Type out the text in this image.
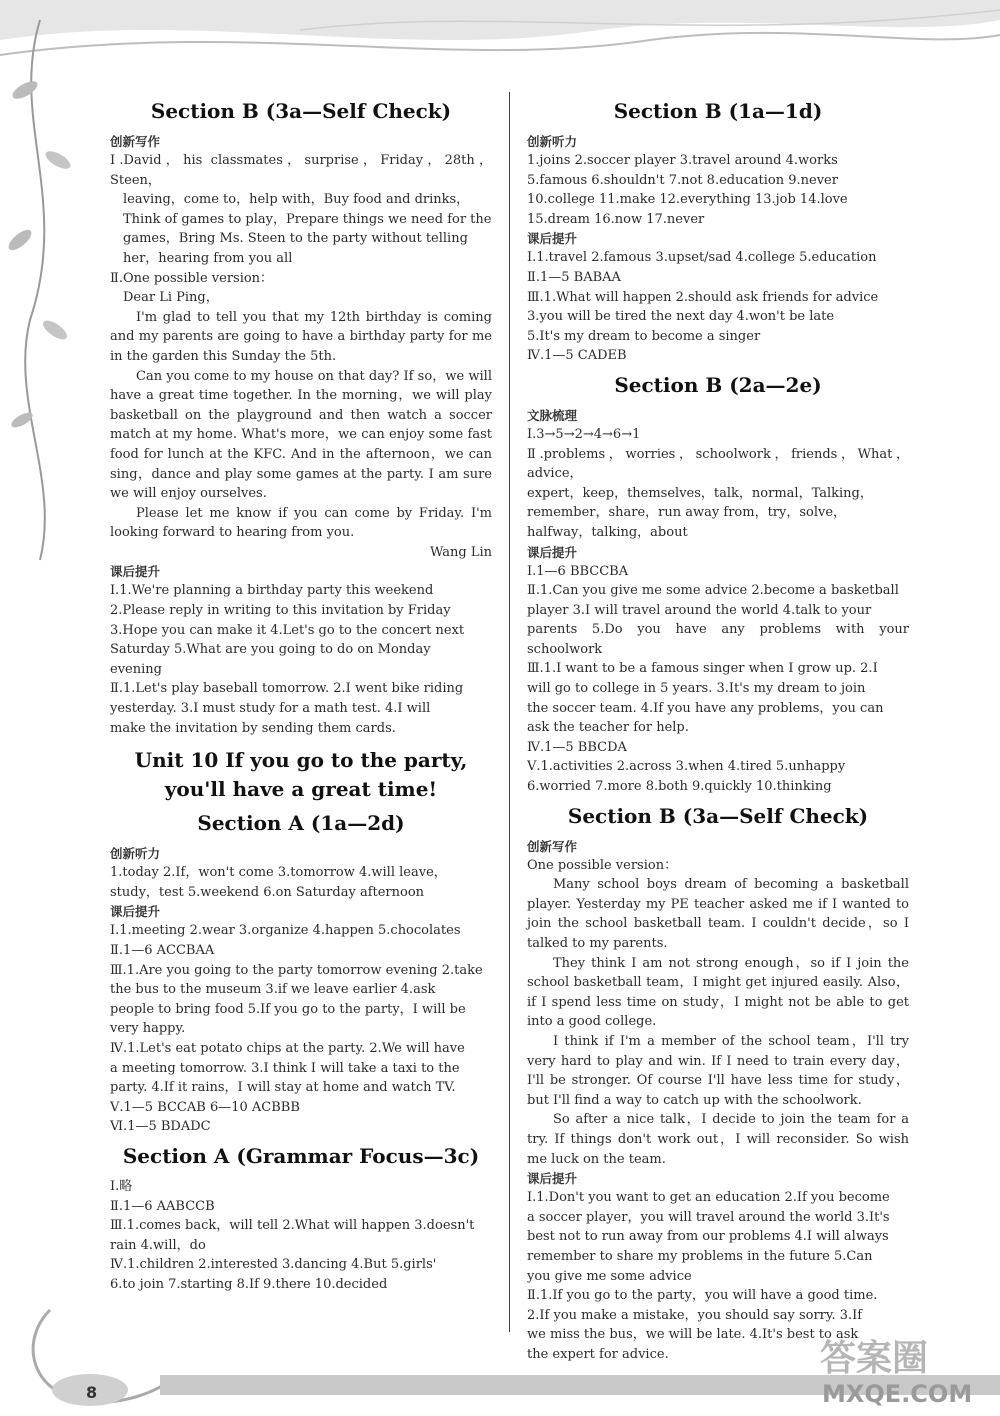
Section B (3a—Self Check)
创新写作
Ⅰ.David，his classmates，surprise，Friday，28th，Steen，
leaving，come to，help with，Buy food and drinks，
Think of games to play，Prepare things we need for the
games，Bring Ms. Steen to the party without telling
her，hearing from you all
Ⅱ.One possible version：
Dear Li Ping，
I'm glad to tell you that my 12th birthday is coming and my parents are going to have a birthday party for me in the garden this Sunday the 5th.
Can you come to my house on that day? If so，we will have a great time together. In the morning，we will play basketball on the playground and then watch a soccer match at my home. What's more，we can enjoy some fast food for lunch at the KFC. And in the afternoon，we can sing，dance and play some games at the party. I am sure we will enjoy ourselves.
Please let me know if you can come by Friday. I'm looking forward to hearing from you.
Wang Lin
课后提升
Ⅰ.1.We're planning a birthday party this weekend
2.Please reply in writing to this invitation by Friday
3.Hope you can make it 4.Let's go to the concert next
Saturday 5.What are you going to do on Monday
evening
Ⅱ.1.Let's play baseball tomorrow. 2.I went bike riding
yesterday. 3.I must study for a math test. 4.I will
make the invitation by sending them cards.
Unit 10 If you go to the party,
you'll have a great time!
Section A (1a—2d)
创新听力
1.today 2.If，won't come 3.tomorrow 4.will leave，
study，test 5.weekend 6.on Saturday afternoon
课后提升
Ⅰ.1.meeting 2.wear 3.organize 4.happen 5.chocolates
Ⅱ.1—6 ACCBAA
Ⅲ.1.Are you going to the party tomorrow evening 2.take
the bus to the museum 3.if we leave earlier 4.ask
people to bring food 5.If you go to the party，I will be
very happy.
Ⅳ.1.Let's eat potato chips at the party. 2.We will have
a meeting tomorrow. 3.I think I will take a taxi to the
party. 4.If it rains，I will stay at home and watch TV.
Ⅴ.1—5 BCCAB 6—10 ACBBB
Ⅵ.1—5 BDADC
Section A (Grammar Focus—3c)
Ⅰ.略
Ⅱ.1—6 AABCCB
Ⅲ.1.comes back，will tell 2.What will happen 3.doesn't
rain 4.will，do
Ⅳ.1.children 2.interested 3.dancing 4.But 5.girls'
6.to join 7.starting 8.If 9.there 10.decided
Section B (1a—1d)
创新听力
1.joins 2.soccer player 3.travel around 4.works
5.famous 6.shouldn't 7.not 8.education 9.never
10.college 11.make 12.everything 13.job 14.love
15.dream 16.now 17.never
课后提升
Ⅰ.1.travel 2.famous 3.upset/sad 4.college 5.education
Ⅱ.1—5 BABAA
Ⅲ.1.What will happen 2.should ask friends for advice
3.you will be tired the next day 4.won't be late
5.It's my dream to become a singer
Ⅳ.1—5 CADEB
Section B (2a—2e)
文脉梳理
Ⅰ.3→5→2→4→6→1
Ⅱ.problems，worries，schoolwork，friends，What，advice，
expert，keep，themselves，talk，normal，Talking，
remember，share，run away from，try，solve，
halfway，talking，about
课后提升
Ⅰ.1—6 BBCCBA
Ⅱ.1.Can you give me some advice 2.become a basketball
player 3.I will travel around the world 4.talk to your
parents 5.Do you have any problems with your schoolwork
Ⅲ.1.I want to be a famous singer when I grow up. 2.I
will go to college in 5 years. 3.It's my dream to join
the soccer team. 4.If you have any problems，you can
ask the teacher for help.
Ⅳ.1—5 BBCDA
Ⅴ.1.activities 2.across 3.when 4.tired 5.unhappy
6.worried 7.more 8.both 9.quickly 10.thinking
Section B (3a—Self Check)
创新写作
One possible version：
Many school boys dream of becoming a basketball player. Yesterday my PE teacher asked me if I wanted to join the school basketball team. I couldn't decide，so I talked to my parents.
They think I am not strong enough，so if I join the school basketball team，I might get injured easily. Also，if I spend less time on study，I might not be able to get into a good college.
I think if I'm a member of the school team，I'll try very hard to play and win. If I need to train every day，I'll be stronger. Of course I'll have less time for study，but I'll find a way to catch up with the schoolwork.
So after a nice talk，I decide to join the team for a try. If things don't work out，I will reconsider. So wish me luck on the team.
课后提升
Ⅰ.1.Don't you want to get an education 2.If you become
a soccer player，you will travel around the world 3.It's
best not to run away from our problems 4.I will always
remember to share my problems in the future 5.Can
you give me some advice
Ⅱ.1.If you go to the party，you will have a good time.
2.If you make a mistake，you should say sorry. 3.If
we miss the bus，we will be late. 4.It's best to ask
the expert for advice.
8
答案圈
MXQE.COM
